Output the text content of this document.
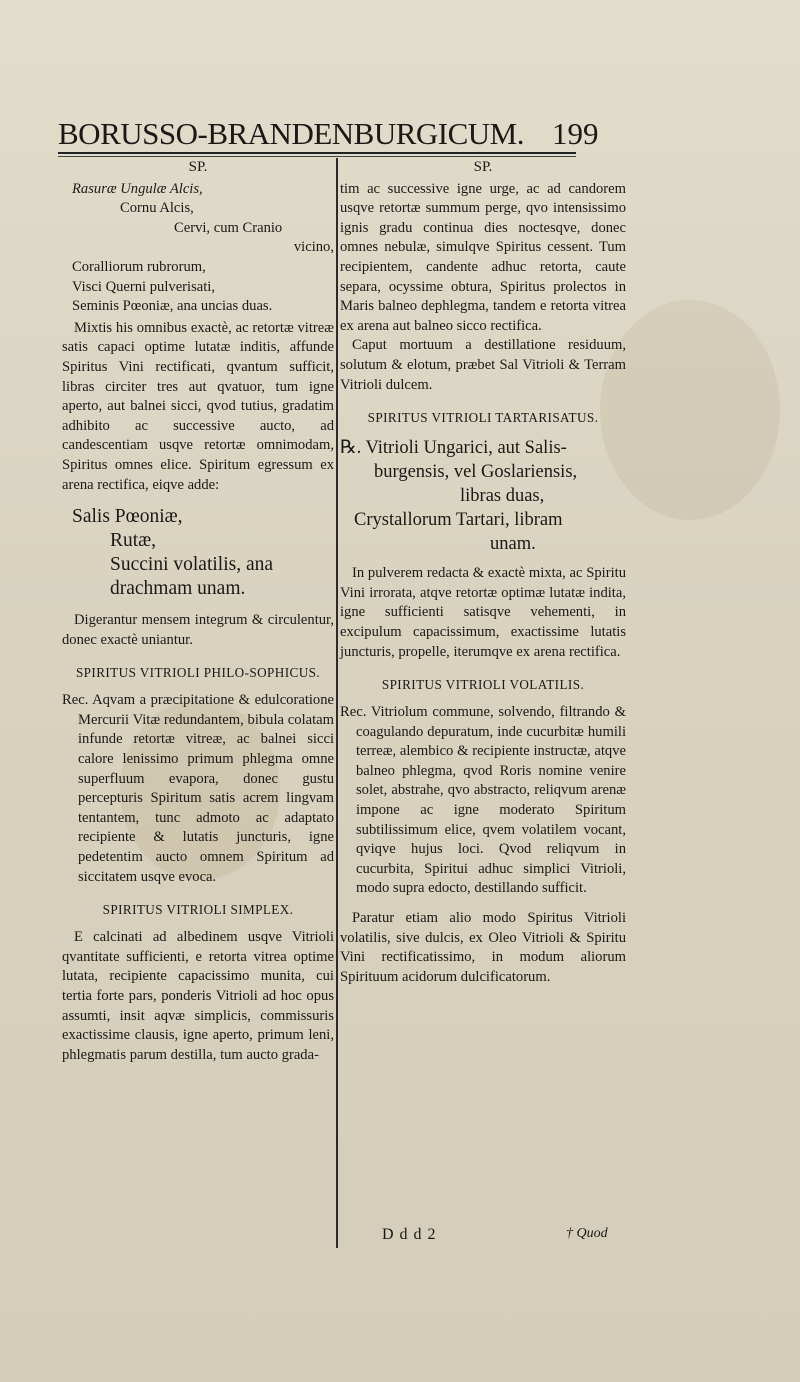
BORUSSO-BRANDENBURGICUM. 199
SP.
Rasuræ Ungulæ Alcis,
Cornu Alcis,
Cervi, cum Cranio
vicino,
Coralliorum rubrorum,
Visci Querni pulverisati,
Seminis Pœoniæ, ana uncias duas.

Mixtis his omnibus exactè, ac retortæ vitreæ satis capaci optime lutatæ inditis, affunde Spiritus Vini rectificati, qvantum sufficit, libras circiter tres aut qvatuor, tum igne aperto, aut balnei sicci, qvod tutius, gradatim adhibito ac successive aucto, ad candescentiam usqve retortæ omnimodam, Spiritus omnes elice. Spiritum egressum ex arena rectifica, eiqve adde:

Salis Pœoniæ,
Rutæ,
Succini volatilis, ana
drachmam unam.

Digerantur mensem integrum & circulentur, donec exactè uniantur.

SPIRITUS VITRIOLI PHILO-SOPHICUS.

Rec. Aqvam a præcipitatione & edulcoratione Mercurii Vitæ redundantem, bibula colatam infunde retortæ vitreæ, ac balnei sicci calore lenissimo primum phlegma omne superfluum evapora, donec gustu percepturis Spiritum satis acrem lingvam tentantem, tunc admoto ac adaptato recipiente & lutatis juncturis, igne pedetentim aucto omnem Spiritum ad siccitatem usqve evoca.

SPIRITUS VITRIOLI SIMPLEX.

E calcinati ad albedinem usqve Vitrioli qvantitate sufficienti, e retorta vitrea optime lutata, recipiente capacissimo munita, cui tertia forte pars, ponderis Vitrioli ad hoc opus assumti, insit aqvæ simplicis, commissuris exactissime clausis, igne aperto, primum leni, phlegmatis parum destilla, tum aucto grada-

SP.

tim ac successive igne urge, ac ad candorem usqve retortæ summum perge, qvo intensissimo ignis gradu continua dies noctesqve, donec omnes nebulæ, simulqve Spiritus cessent. Tum recipientem, candente adhuc retorta, caute separa, ocyssime obtura, Spiritus prolectos in Maris balneo dephlegma, tandem e retorta vitrea ex arena aut balneo sicco rectifica.

Caput mortuum a destillatione residuum, solutum & elotum, præbet Sal Vitrioli & Terram Vitrioli dulcem.

SPIRITUS VITRIOLI TARTARISATUS.
℞. Vitrioli Ungarici, aut Salis-
burgensis, vel Goslariensis,
libras duas,
Crystallorum Tartari, libram
unam.

In pulverem redacta & exactè mixta, ac Spiritu Vini irrorata, atqve retortæ optimæ lutatæ indita, igne sufficienti satisqve vehementi, in excipulum capacissimum, exactissime lutatis juncturis, propelle, iterumqve ex arena rectifica.

SPIRITUS VITRIOLI VOLATILIS.

Rec. Vitriolum commune, solvendo, filtrando & coagulando depuratum, inde cucurbitæ humili terreæ, alembico & recipiente instructæ, atqve balneo phlegma, qvod Roris nomine venire solet, abstrahe, qvo abstracto, reliqvum arenæ impone ac igne moderato Spiritum subtilissimum elice, qvem volatilem vocant, qviqve hujus loci. Qvod reliqvum in cucurbita, Spiritui adhuc simplici Vitrioli, modo supra edocto, destillando sufficit.

Paratur etiam alio modo Spiritus Vitrioli volatilis, sive dulcis, ex Oleo Vitrioli & Spiritu Vini rectificatissimo, in modum aliorum Spirituum acidorum dulcificatorum.

D d d 2	† Quod
